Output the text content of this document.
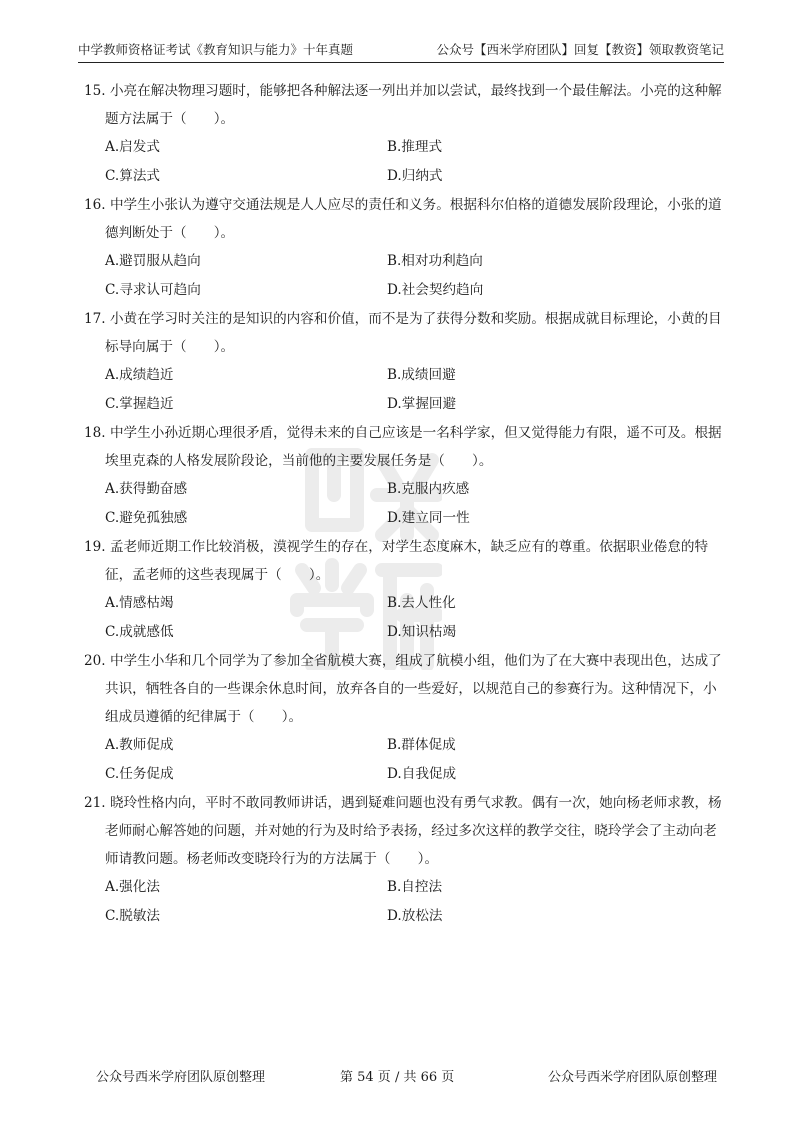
中学教师资格证考试《教育知识与能力》十年真题	公众号【西米学府团队】回复【教资】领取教资笔记

15. 小亮在解决物理习题时，能够把各种解法逐一列出并加以尝试，最终找到一个最佳解法。小亮的这种解题方法属于（　　）。

A.启发式	B.推理式
C.算法式	D.归纳式

16. 中学生小张认为遵守交通法规是人人应尽的责任和义务。根据科尔伯格的道德发展阶段理论，小张的道德判断处于（　　）。

A.避罚服从趋向	B.相对功利趋向
C.寻求认可趋向	D.社会契约趋向

17. 小黄在学习时关注的是知识的内容和价值，而不是为了获得分数和奖励。根据成就目标理论，小黄的目标导向属于（　　）。

A.成绩趋近	B.成绩回避
C.掌握趋近	D.掌握回避

18. 中学生小孙近期心理很矛盾，觉得未来的自己应该是一名科学家，但又觉得能力有限，遥不可及。根据埃里克森的人格发展阶段论，当前他的主要发展任务是（　　）。

A.获得勤奋感	B.克服内疚感
C.避免孤独感	D.建立同一性

19. 孟老师近期工作比较消极，漠视学生的存在，对学生态度麻木，缺乏应有的尊重。依据职业倦怠的特征，孟老师的这些表现属于（　　）。

A.情感枯竭	B.去人性化
C.成就感低	D.知识枯竭

20. 中学生小华和几个同学为了参加全省航模大赛，组成了航模小组，他们为了在大赛中表现出色，达成了共识，牺牲各自的一些课余休息时间，放弃各自的一些爱好，以规范自己的参赛行为。这种情况下，小组成员遵循的纪律属于（　　）。

A.教师促成	B.群体促成
C.任务促成	D.自我促成

21. 晓玲性格内向，平时不敢同教师讲话，遇到疑难问题也没有勇气求教。偶有一次，她向杨老师求教，杨老师耐心解答她的问题，并对她的行为及时给予表扬，经过多次这样的教学交往，晓玲学会了主动向老师请教问题。杨老师改变晓玲行为的方法属于（　　）。

A.强化法	B.自控法
C.脱敏法	D.放松法
公众号西米学府团队原创整理	第 54 页 / 共 66 页	公众号西米学府团队原创整理
